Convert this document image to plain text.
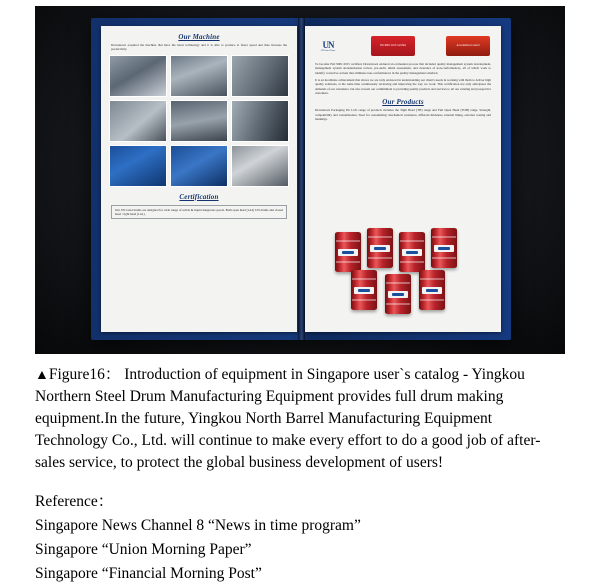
Our Machine
Drawntown acquired the machine that have the latest technology and it is able to produce at faster speed and thus increase the productivity.
Certification
Our UN rated drums are designed for wide range of solids & liquid dangerous goods. Both open head (1A2) UN drums and closed head / tight head (1A1).
UN
UN Rated Drum
ISO 9001 2015 Certified	Accreditation Council
To become ISO 9001:2015 certified, Drawntown endured an evaluation process that included quality management system development, management system documentation review, pre-audit, initial assessment, and clearance of non-conformances, all of which work to identify corrective actions that eliminate non-conformances in the quality management standard.
It is an inordinate achievement that shows we are truly endowed in understanding our client's needs in working with them to deliver high quality solutions, at the same time continuously reviewing and improving the way we work. This certification not only anticipates the demands of our customers, but also reveals our commitment to providing quality products and services to all our existing and prospective customers.
Our Products
Drawntown Packaging Pte Ltd's range of products includes the Tight Head (TH) range and Full Open Head (FOH) range. Strength, compatibility and customization. Steel for customizing: mechanical resistance, different thickness, internal lining, external coating and markings.

▲Figure16： Introduction of equipment in Singapore user`s catalog - Yingkou Northern Steel Drum Manufacturing Equipment provides full drum making equipment.In the future, Yingkou North Barrel Manufacturing Equipment Technology Co., Ltd. will continue to make every effort to do a good job of after-sales service, to protect the global business development of users!

Reference：

Singapore News Channel 8 “News in time program”

Singapore “Union Morning Paper”

Singapore “Financial Morning Post”
